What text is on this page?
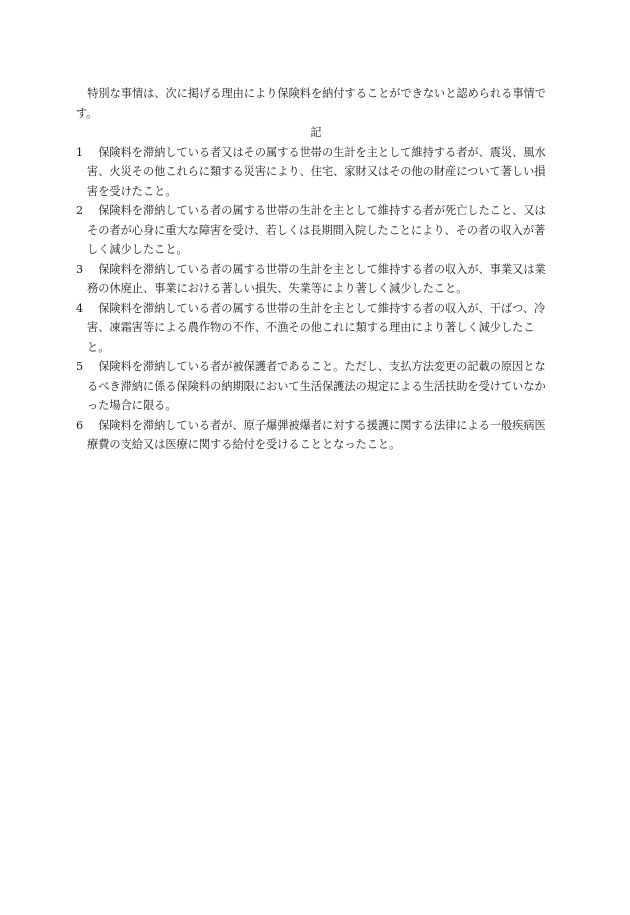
特別な事情は、次に掲げる理由により保険料を納付することができないと認められる事情です。

記

1	保険料を滞納している者又はその属する世帯の生計を主として維持する者が、震災、風水害、火災その他これらに類する災害により、住宅、家財又はその他の財産について著しい損害を受けたこと。
2	保険料を滞納している者の属する世帯の生計を主として維持する者が死亡したこと、又はその者が心身に重大な障害を受け、若しくは長期間入院したことにより、その者の収入が著しく減少したこと。
3	保険料を滞納している者の属する世帯の生計を主として維持する者の収入が、事業又は業務の休廃止、事業における著しい損失、失業等により著しく減少したこと。
4	保険料を滞納している者の属する世帯の生計を主として維持する者の収入が、干ばつ、冷害、凍霜害等による農作物の不作、不漁その他これに類する理由により著しく減少したこと。
5	保険料を滞納している者が被保護者であること。ただし、支払方法変更の記載の原因となるべき滞納に係る保険料の納期限において生活保護法の規定による生活扶助を受けていなかった場合に限る。
6	保険料を滞納している者が、原子爆弾被爆者に対する援護に関する法律による一般疾病医療費の支給又は医療に関する給付を受けることとなったこと。
